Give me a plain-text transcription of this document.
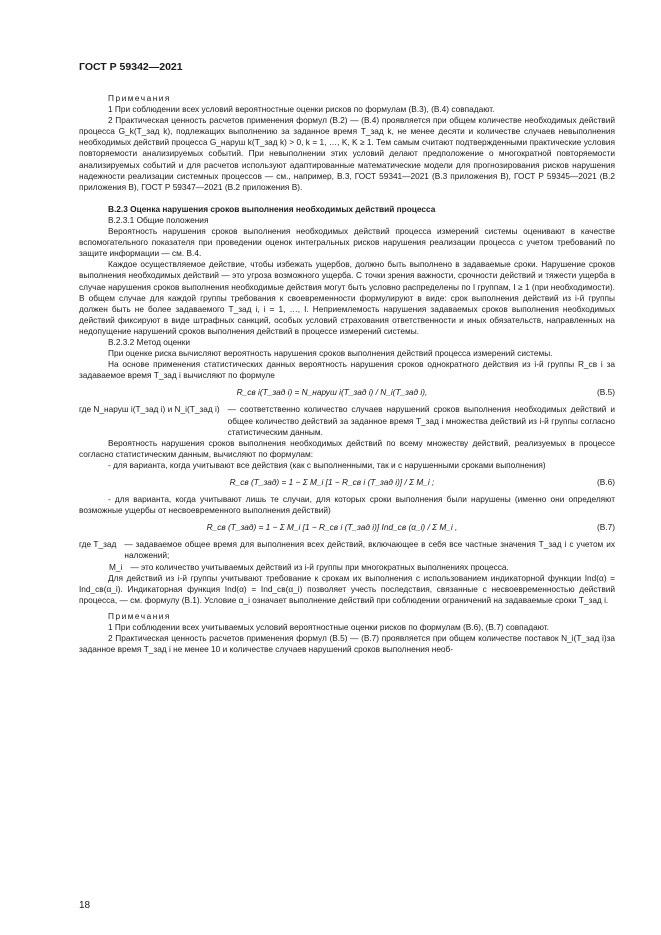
ГОСТ Р 59342—2021

Примечания

1 При соблюдении всех условий вероятностные оценки рисков по формулам (В.3), (В.4) совпадают.

2 Практическая ценность расчетов применения формул (В.2) — (В.4) проявляется при общем количестве необходимых действий процесса G_k(T_зад k), подлежащих выполнению за заданное время T_зад k, не менее десяти и количестве случаев невыполнения необходимых действий процесса G_наруш k(T_зад k) > 0, k = 1, …, K, K ≥ 1. Тем самым считают подтвержденными практические условия повторяемости анализируемых событий. При невыполнении этих условий делают предположение о многократной повторяемости анализируемых событий и для расчетов используют адаптированные математические модели для прогнозирования рисков нарушения надежности реализации системных процессов — см., например, В.3, ГОСТ 59341—2021 (В.3 приложения В), ГОСТ Р 59345—2021 (В.2 приложения В), ГОСТ Р 59347—2021 (В.2 приложения В).

В.2.3 Оценка нарушения сроков выполнения необходимых действий процесса

В.2.3.1 Общие положения

Вероятность нарушения сроков выполнения необходимых действий процесса измерений системы оценивают в качестве вспомогательного показателя при проведении оценок интегральных рисков нарушения реализации процесса с учетом требований по защите информации — см. В.4.

Каждое осуществляемое действие, чтобы избежать ущербов, должно быть выполнено в задаваемые сроки. Нарушение сроков выполнения необходимых действий — это угроза возможного ущерба. С точки зрения важности, срочности действий и тяжести ущерба в случае нарушения сроков выполнения необходимые действия могут быть условно распределены по I группам, I ≥ 1 (при необходимости). В общем случае для каждой группы требования к своевременности формулируют в виде: срок выполнения действий из i-й группы должен быть не более задаваемого T_зад i, i = 1, …, I. Неприемлемость нарушения задаваемых сроков выполнения необходимых действий фиксируют в виде штрафных санкций, особых условий страхования ответственности и иных обязательств, направленных на недопущение нарушений сроков выполнения действий в процессе измерений системы.

В.2.3.2 Метод оценки

При оценке риска вычисляют вероятность нарушения сроков выполнения действий процесса измерений системы.

На основе применения статистических данных вероятность нарушения сроков однократного действия из i-й группы R_св i за задаваемое время T_зад i вычисляют по формуле

R_св i(T_зад i) = N_наруш i(T_зад i) / N_i(T_зад i),	(В.5)
где N_наруш i(T_зад i) и N_i(T_зад i) — соответственно количество случаев нарушений сроков выполнения необходимых действий и общее количество действий за заданное время T_зад i множества действий из i-й группы согласно статистическим данным.

Вероятность нарушения сроков выполнения необходимых действий по всему множеству действий, реализуемых в процессе согласно статистическим данным, вычисляют по формулам:

- для варианта, когда учитывают все действия (как с выполненными, так и с нарушенными сроками выполнения)

R_св (T_зад) = 1 − Σ M_i [1 − R_св i (T_зад i)] / Σ M_i ;	(В.6)

- для варианта, когда учитывают лишь те случаи, для которых сроки выполнения были нарушены (именно они определяют возможные ущербы от несвоевременного выполнения действий)

R_св (T_зад) = 1 − Σ M_i [1 − R_св i (T_зад i)] Ind_св (α_i) / Σ M_i ,	(В.7)
где T_зад — задаваемое общее время для выполнения всех действий, включающее в себя все частные значения T_зад i с учетом их наложений;
M_i — это количество учитываемых действий из i-й группы при многократных выполнениях процесса.

Для действий из i-й группы учитывают требование к срокам их выполнения с использованием индикаторной функции Ind(α) = Ind_св(α_i). Индикаторная функция Ind(α) = Ind_св(α_i) позволяет учесть последствия, связанные с несвоевременностью действий процесса, — см. формулу (В.1). Условие α_i означает выполнение действий при соблюдении ограничений на задаваемые сроки T_зад i.

Примечания

1 При соблюдении всех учитываемых условий вероятностные оценки рисков по формулам (В.6), (В.7) совпадают.

2 Практическая ценность расчетов применения формул (В.5) — (В.7) проявляется при общем количестве поставок N_i(T_зад i)за заданное время T_зад i не менее 10 и количестве случаев нарушений сроков выполнения необ-

18
